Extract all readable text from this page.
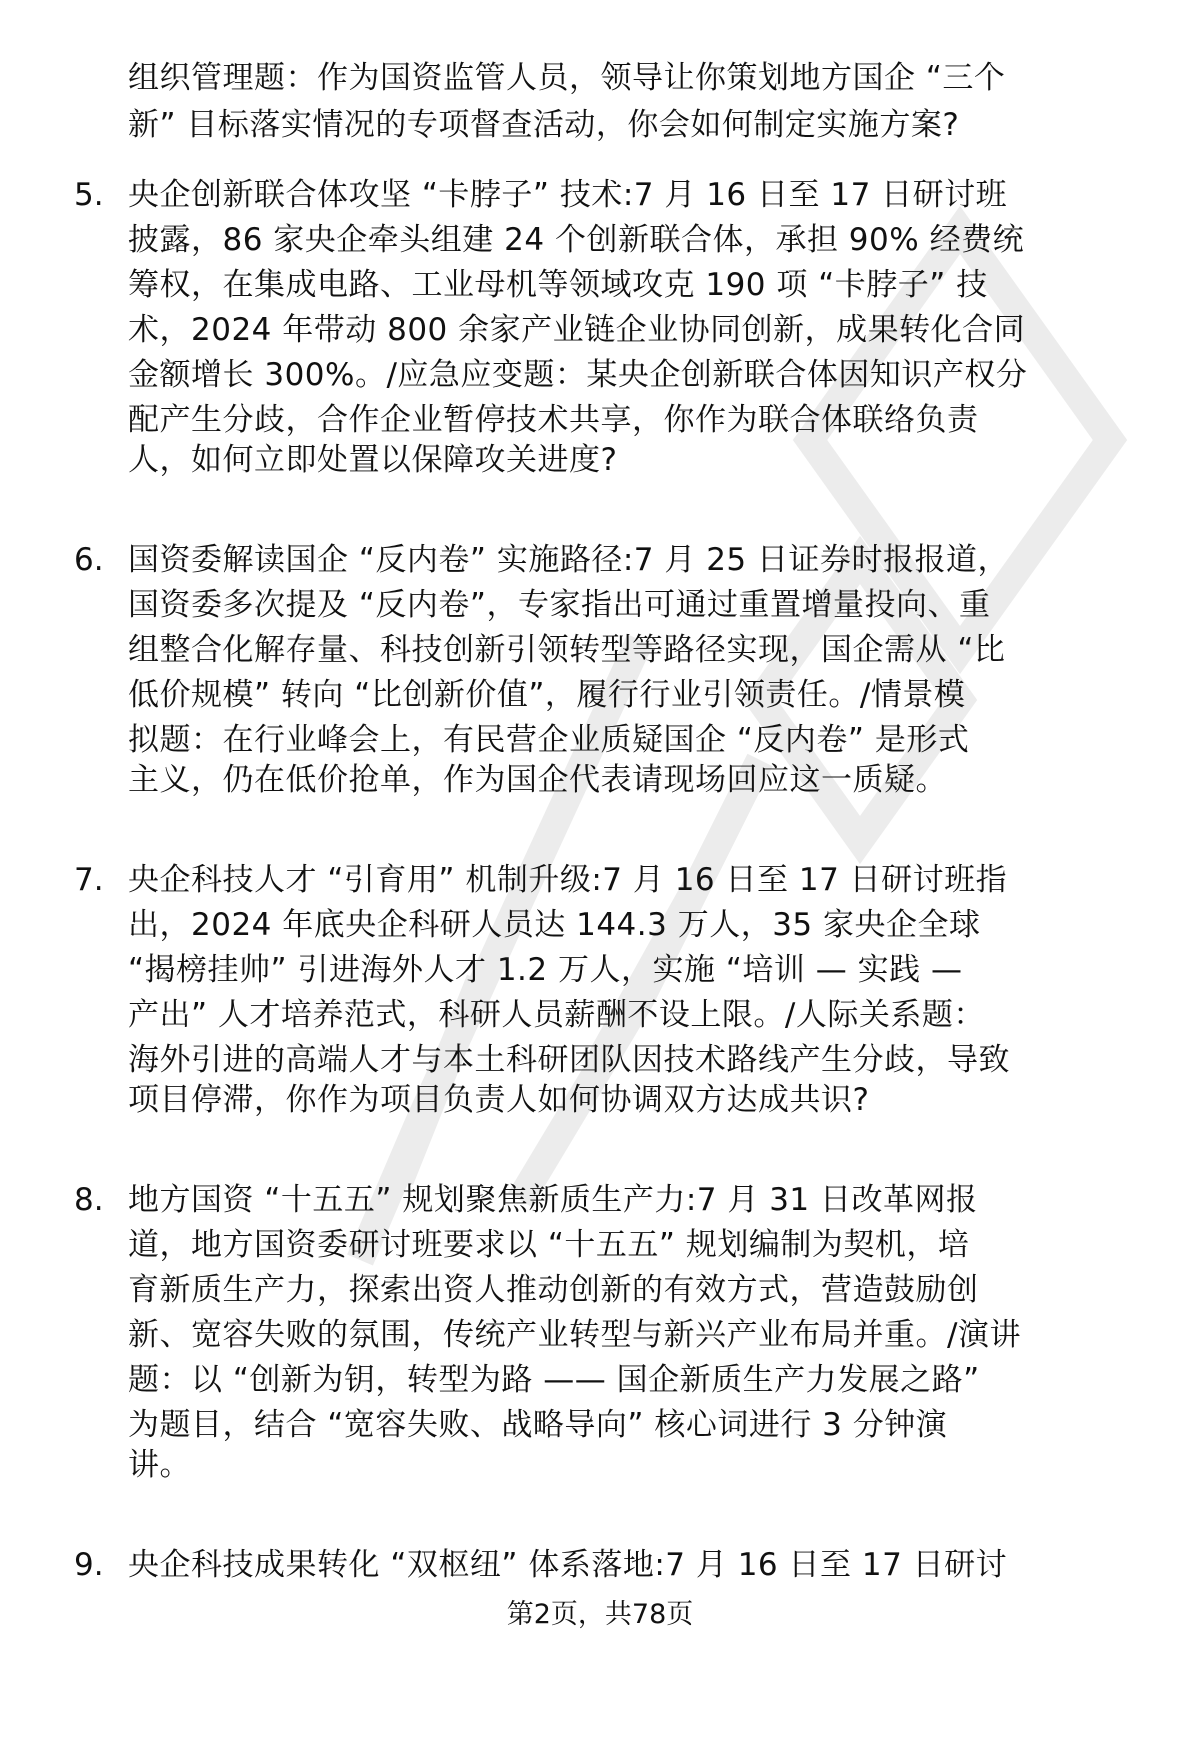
组织管理题：作为国资监管人员，领导让你策划地方国企 “三个
新” 目标落实情况的专项督查活动，你会如何制定实施方案?
5. 央企创新联合体攻坚 “卡脖子” 技术:7 月 16 日至 17 日研讨班
披露，86 家央企牵头组建 24 个创新联合体，承担 90% 经费统
筹权，在集成电路、工业母机等领域攻克 190 项 “卡脖子” 技
术，2024 年带动 800 余家产业链企业协同创新，成果转化合同
金额增长 300%。/应急应变题：某央企创新联合体因知识产权分
配产生分歧，合作企业暂停技术共享，你作为联合体联络负责
人，如何立即处置以保障攻关进度?
6. 国资委解读国企 “反内卷” 实施路径:7 月 25 日证券时报报道，
国资委多次提及 “反内卷”，专家指出可通过重置增量投向、重
组整合化解存量、科技创新引领转型等路径实现，国企需从 “比
低价规模” 转向 “比创新价值”，履行行业引领责任。/情景模
拟题：在行业峰会上，有民营企业质疑国企 “反内卷” 是形式
主义，仍在低价抢单，作为国企代表请现场回应这一质疑。
7. 央企科技人才 “引育用” 机制升级:7 月 16 日至 17 日研讨班指
出，2024 年底央企科研人员达 144.3 万人，35 家央企全球
“揭榜挂帅” 引进海外人才 1.2 万人，实施 “培训 — 实践 —
产出” 人才培养范式，科研人员薪酬不设上限。/人际关系题：
海外引进的高端人才与本土科研团队因技术路线产生分歧，导致
项目停滞，你作为项目负责人如何协调双方达成共识?
8. 地方国资 “十五五” 规划聚焦新质生产力:7 月 31 日改革网报
道，地方国资委研讨班要求以 “十五五” 规划编制为契机，培
育新质生产力，探索出资人推动创新的有效方式，营造鼓励创
新、宽容失败的氛围，传统产业转型与新兴产业布局并重。/演讲
题：以 “创新为钥，转型为路 —— 国企新质生产力发展之路”
为题目，结合 “宽容失败、战略导向” 核心词进行 3 分钟演
讲。
9. 央企科技成果转化 “双枢纽” 体系落地:7 月 16 日至 17 日研讨
第2页，共78页
